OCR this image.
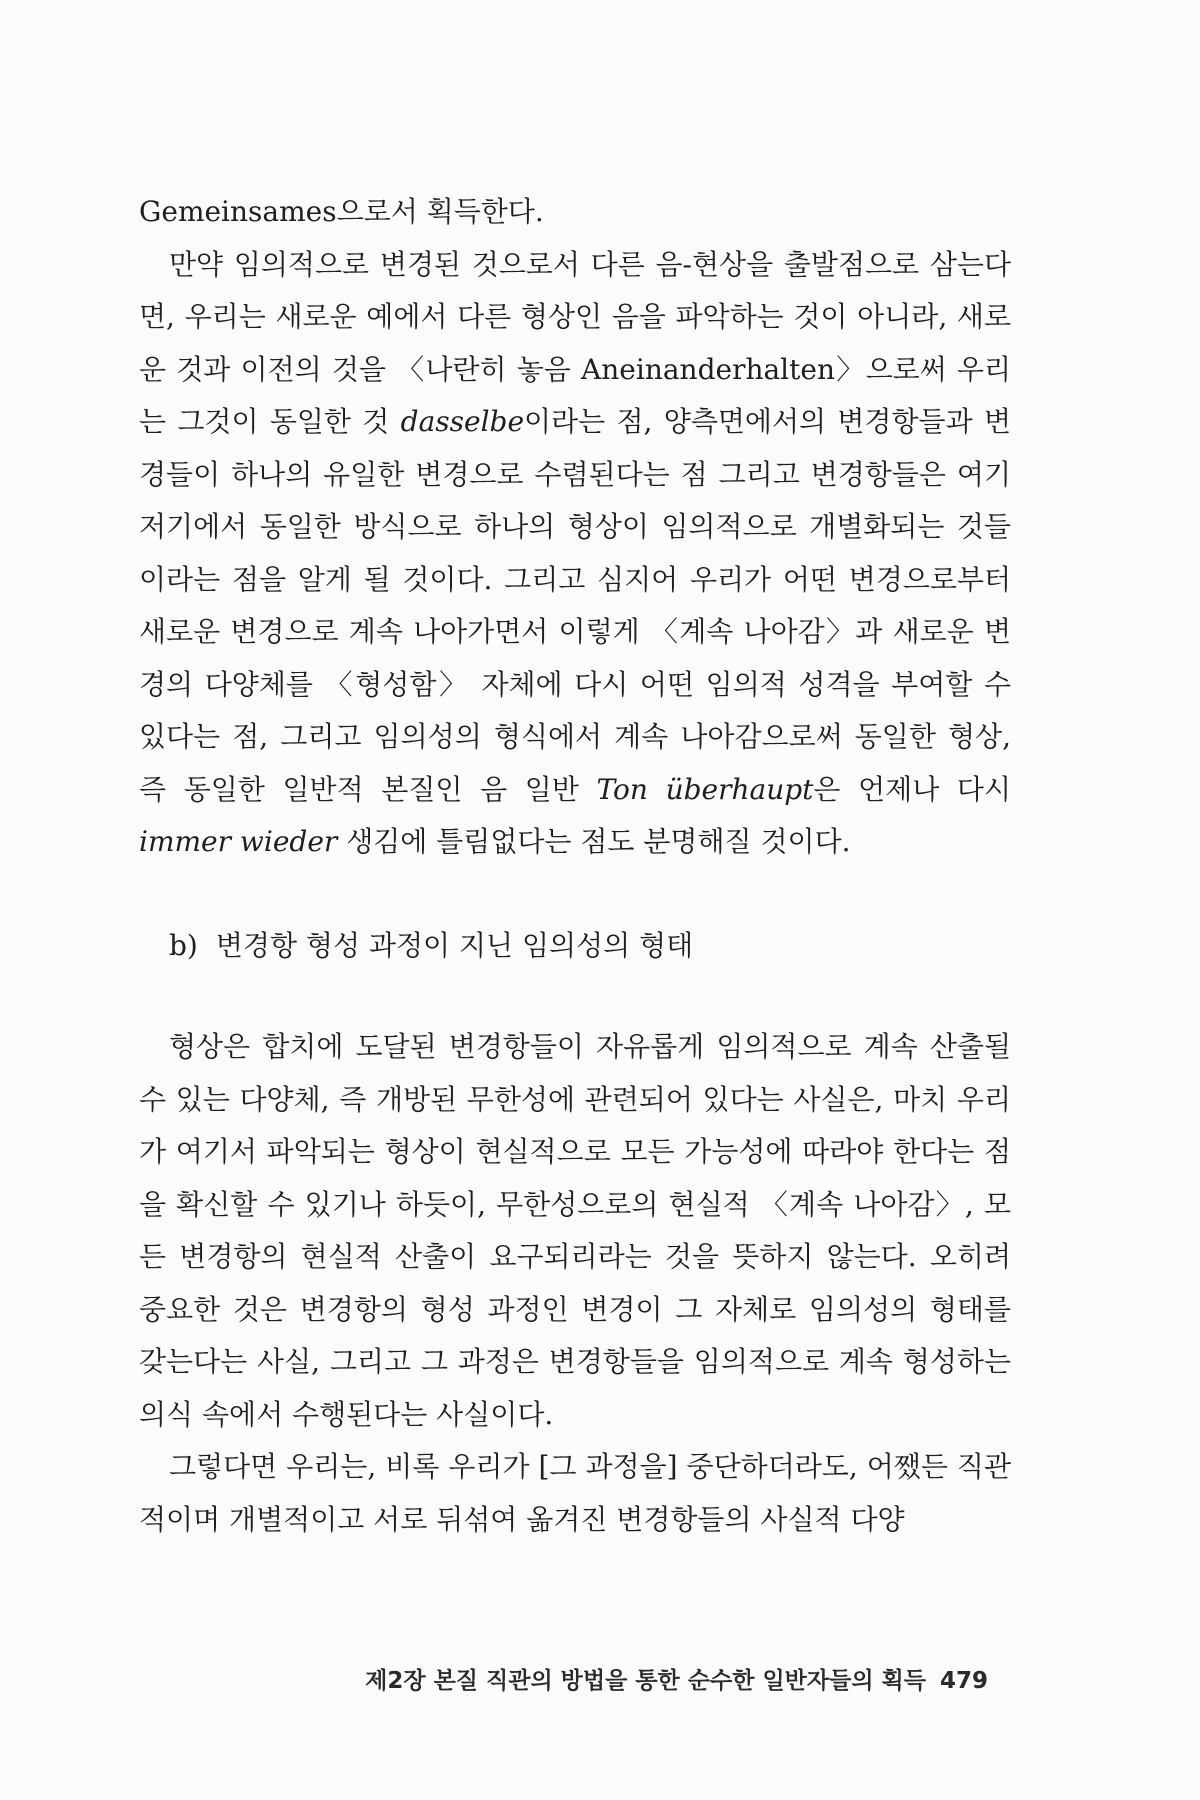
Gemeinsames으로서 획득한다.

만약 임의적으로 변경된 것으로서 다른 음-현상을 출발점으로 삼는다면, 우리는 새로운 예에서 다른 형상인 음을 파악하는 것이 아니라, 새로운 것과 이전의 것을 〈나란히 놓음 Aneinanderhalten〉으로써 우리는 그것이 동일한 것 dasselbe이라는 점, 양측면에서의 변경항들과 변경들이 하나의 유일한 변경으로 수렴된다는 점 그리고 변경항들은 여기저기에서 동일한 방식으로 하나의 형상이 임의적으로 개별화되는 것들이라는 점을 알게 될 것이다. 그리고 심지어 우리가 어떤 변경으로부터 새로운 변경으로 계속 나아가면서 이렇게 〈계속 나아감〉과 새로운 변경의 다양체를 〈형성함〉 자체에 다시 어떤 임의적 성격을 부여할 수 있다는 점, 그리고 임의성의 형식에서 계속 나아감으로써 동일한 형상, 즉 동일한 일반적 본질인 음 일반 Ton überhaupt은 언제나 다시 immer wieder 생김에 틀림없다는 점도 분명해질 것이다.

b) 변경항 형성 과정이 지닌 임의성의 형태

형상은 합치에 도달된 변경항들이 자유롭게 임의적으로 계속 산출될 수 있는 다양체, 즉 개방된 무한성에 관련되어 있다는 사실은, 마치 우리가 여기서 파악되는 형상이 현실적으로 모든 가능성에 따라야 한다는 점을 확신할 수 있기나 하듯이, 무한성으로의 현실적 〈계속 나아감〉, 모든 변경항의 현실적 산출이 요구되리라는 것을 뜻하지 않는다. 오히려 중요한 것은 변경항의 형성 과정인 변경이 그 자체로 임의성의 형태를 갖는다는 사실, 그리고 그 과정은 변경항들을 임의적으로 계속 형성하는 의식 속에서 수행된다는 사실이다.

그렇다면 우리는, 비록 우리가 [그 과정을] 중단하더라도, 어쨌든 직관적이며 개별적이고 서로 뒤섞여 옮겨진 변경항들의 사실적 다양

제2장 본질 직관의 방법을 통한 순수한 일반자들의 획득 479
